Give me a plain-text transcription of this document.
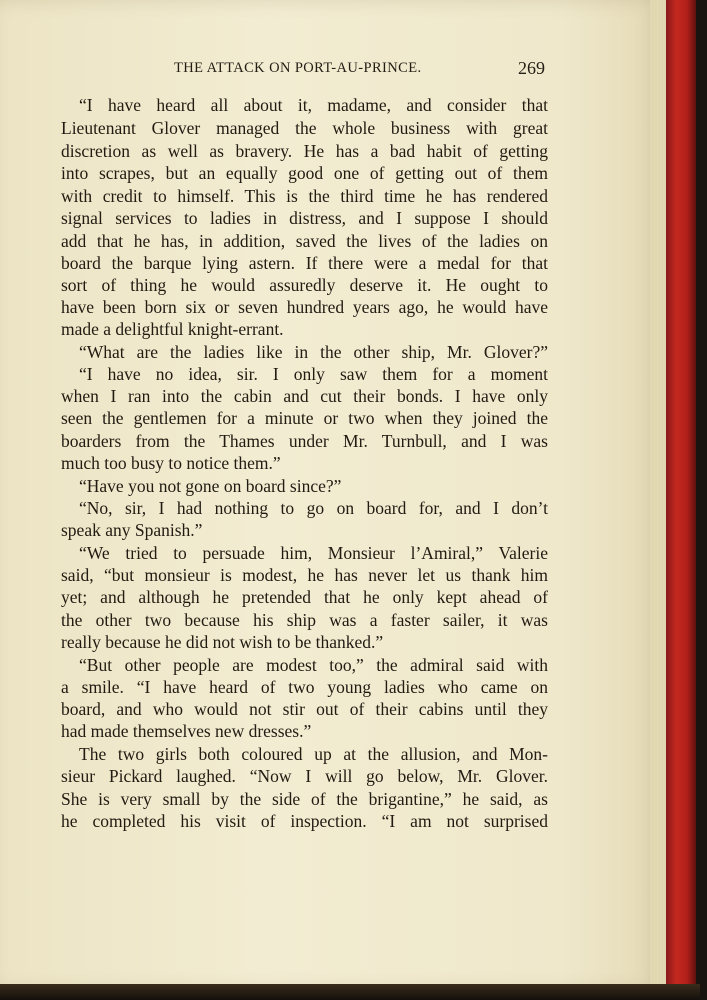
THE ATTACK ON PORT-AU-PRINCE.	269
“I have heard all about it, madame, and consider that
Lieutenant Glover managed the whole business with great
discretion as well as bravery. He has a bad habit of getting
into scrapes, but an equally good one of getting out of them
with credit to himself. This is the third time he has rendered
signal services to ladies in distress, and I suppose I should
add that he has, in addition, saved the lives of the ladies on
board the barque lying astern. If there were a medal for that
sort of thing he would assuredly deserve it. He ought to
have been born six or seven hundred years ago, he would have
made a delightful knight-errant.
“What are the ladies like in the other ship, Mr. Glover?”
“I have no idea, sir. I only saw them for a moment
when I ran into the cabin and cut their bonds. I have only
seen the gentlemen for a minute or two when they joined the
boarders from the Thames under Mr. Turnbull, and I was
much too busy to notice them.”
“Have you not gone on board since?”
“No, sir, I had nothing to go on board for, and I don’t
speak any Spanish.”
“We tried to persuade him, Monsieur l’Amiral,” Valerie
said, “but monsieur is modest, he has never let us thank him
yet; and although he pretended that he only kept ahead of
the other two because his ship was a faster sailer, it was
really because he did not wish to be thanked.”
“But other people are modest too,” the admiral said with
a smile. “I have heard of two young ladies who came on
board, and who would not stir out of their cabins until they
had made themselves new dresses.”
The two girls both coloured up at the allusion, and Mon-
sieur Pickard laughed. “Now I will go below, Mr. Glover.
She is very small by the side of the brigantine,” he said, as
he completed his visit of inspection. “I am not surprised
